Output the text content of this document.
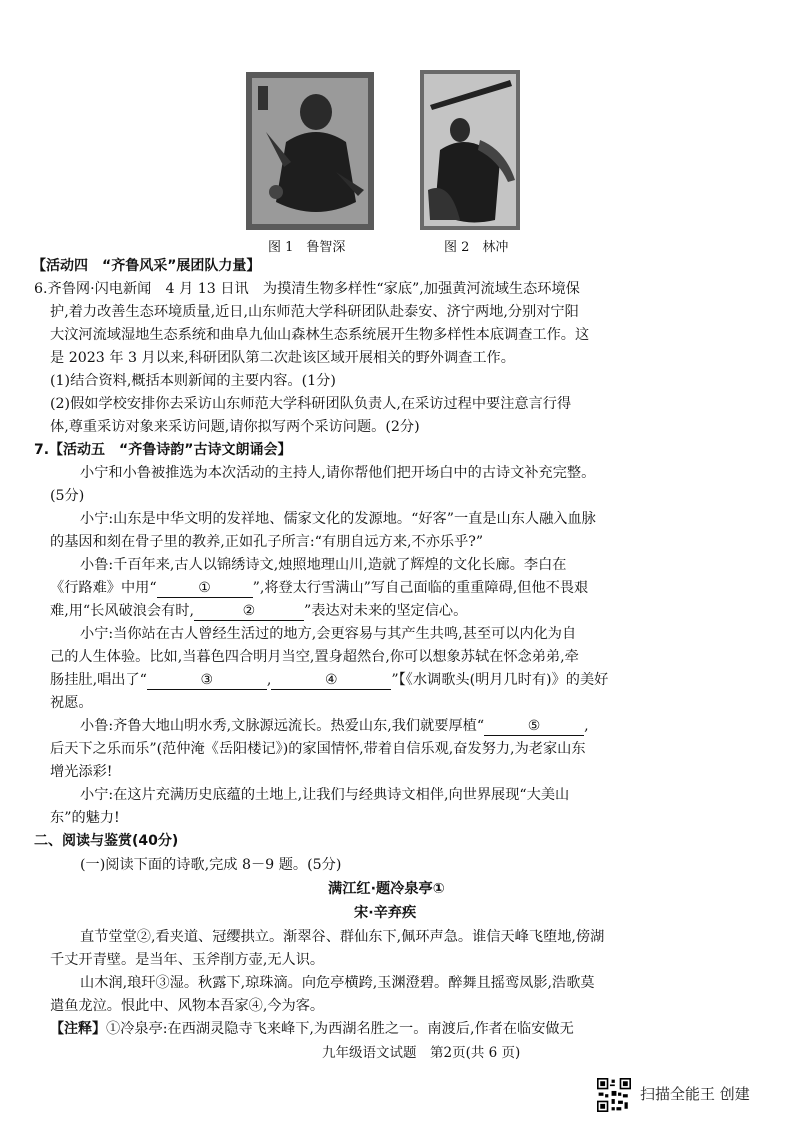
图 1　鲁智深	图 2　林冲
【活动四　“齐鲁风采”展团队力量】
6.齐鲁网·闪电新闻　4 月 13 日讯　为摸清生物多样性“家底”,加强黄河流域生态环境保
护,着力改善生态环境质量,近日,山东师范大学科研团队赴泰安、济宁两地,分别对宁阳
大汶河流域湿地生态系统和曲阜九仙山森林生态系统展开生物多样性本底调查工作。这
是 2023 年 3 月以来,科研团队第二次赴该区域开展相关的野外调查工作。
(1)结合资料,概括本则新闻的主要内容。(1分)
(2)假如学校安排你去采访山东师范大学科研团队负责人,在采访过程中要注意言行得
体,尊重采访对象来采访问题,请你拟写两个采访问题。(2分)
7.【活动五　“齐鲁诗韵”古诗文朗诵会】
小宁和小鲁被推选为本次活动的主持人,请你帮他们把开场白中的古诗文补充完整。
(5分)
小宁:山东是中华文明的发祥地、儒家文化的发源地。“好客”一直是山东人融入血脉
的基因和刻在骨子里的教养,正如孔子所言:“有朋自远方来,不亦乐乎?”
小鲁:千百年来,古人以锦绣诗文,烛照地理山川,造就了辉煌的文化长廊。李白在
《行路难》中用“	①	”,将登太行雪满山”写自己面临的重重障碍,但他不畏艰
难,用“长风破浪会有时,	②	”表达对未来的坚定信心。
小宁:当你站在古人曾经生活过的地方,会更容易与其产生共鸣,甚至可以内化为自
己的人生体验。比如,当暮色四合明月当空,置身超然台,你可以想象苏轼在怀念弟弟,牵
肠挂肚,唱出了“	③	,	④	”【《水调歌头(明月几时有)》的美好
祝愿。
小鲁:齐鲁大地山明水秀,文脉源远流长。热爱山东,我们就要厚植“	⑤	,
后天下之乐而乐”(范仲淹《岳阳楼记》)的家国情怀,带着自信乐观,奋发努力,为老家山东
增光添彩!
小宁:在这片充满历史底蕴的土地上,让我们与经典诗文相伴,向世界展现“大美山
东”的魅力!
二、阅读与鉴赏(40分)
(一)阅读下面的诗歌,完成 8－9 题。(5分)
满江红·题冷泉亭①
宋·辛弃疾
直节堂堂②,看夹道、冠缨拱立。渐翠谷、群仙东下,佩环声急。谁信天峰飞堕地,傍湖
千丈开青壁。是当年、玉斧削方壶,无人识。
山木润,琅玕③湿。秋露下,琼珠滴。向危亭横跨,玉渊澄碧。醉舞且摇鸾凤影,浩歌莫
遣鱼龙泣。恨此中、风物本吾家④,今为客。
【注释】①冷泉亭:在西湖灵隐寺飞来峰下,为西湖名胜之一。南渡后,作者在临安做无
九年级语文试题　第2页(共 6 页)
扫描全能王 创建
